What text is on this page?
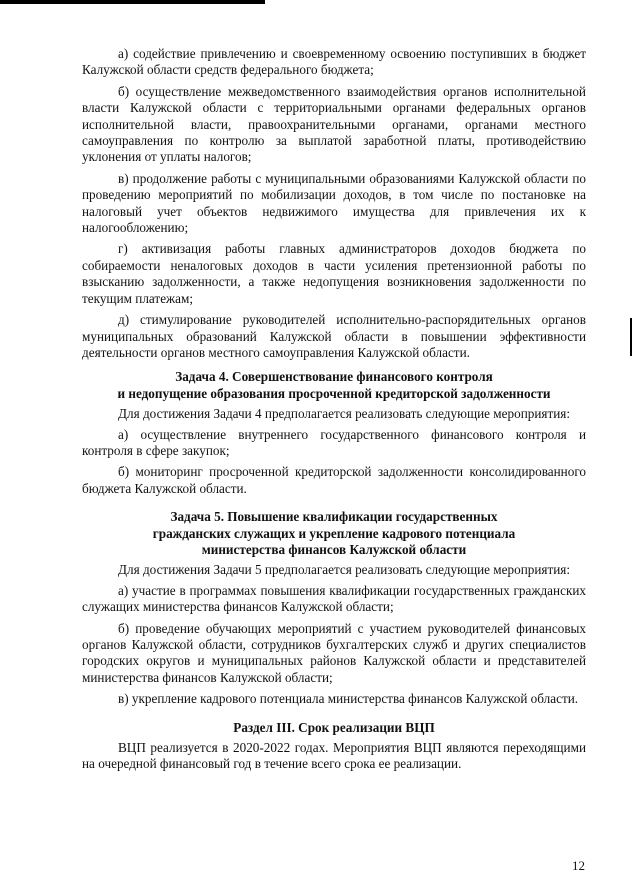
а) содействие привлечению и своевременному освоению поступивших в бюджет Калужской области средств федерального бюджета;

б) осуществление межведомственного взаимодействия органов исполнительной власти Калужской области с территориальными органами федеральных органов исполнительной власти, правоохранительными органами, органами местного самоуправления по контролю за выплатой заработной платы, противодействию уклонения от уплаты налогов;

в) продолжение работы с муниципальными образованиями Калужской области по проведению мероприятий по мобилизации доходов, в том числе по постановке на налоговый учет объектов недвижимого имущества для привлечения их к налогообложению;

г) активизация работы главных администраторов доходов бюджета по собираемости неналоговых доходов в части усиления претензионной работы по взысканию задолженности, а также недопущения возникновения задолженности по текущим платежам;

д) стимулирование руководителей исполнительно-распорядительных органов муниципальных образований Калужской области в повышении эффективности деятельности органов местного самоуправления Калужской области.

Задача 4. Совершенствование финансового контроля
и недопущение образования просроченной кредиторской задолженности

Для достижения Задачи 4 предполагается реализовать следующие мероприятия:

а) осуществление внутреннего государственного финансового контроля и контроля в сфере закупок;

б) мониторинг просроченной кредиторской задолженности консолидированного бюджета Калужской области.

Задача 5. Повышение квалификации государственных
гражданских служащих и укрепление кадрового потенциала
министерства финансов Калужской области

Для достижения Задачи 5 предполагается реализовать следующие мероприятия:

а) участие в программах повышения квалификации государственных гражданских служащих министерства финансов Калужской области;

б) проведение обучающих мероприятий с участием руководителей финансовых органов Калужской области, сотрудников бухгалтерских служб и других специалистов городских округов и муниципальных районов Калужской области и представителей министерства финансов Калужской области;

в) укрепление кадрового потенциала министерства финансов Калужской области.

Раздел III. Срок реализации ВЦП

ВЦП реализуется в 2020-2022 годах. Мероприятия ВЦП являются переходящими на очередной финансовый год в течение всего срока ее реализации.

12
